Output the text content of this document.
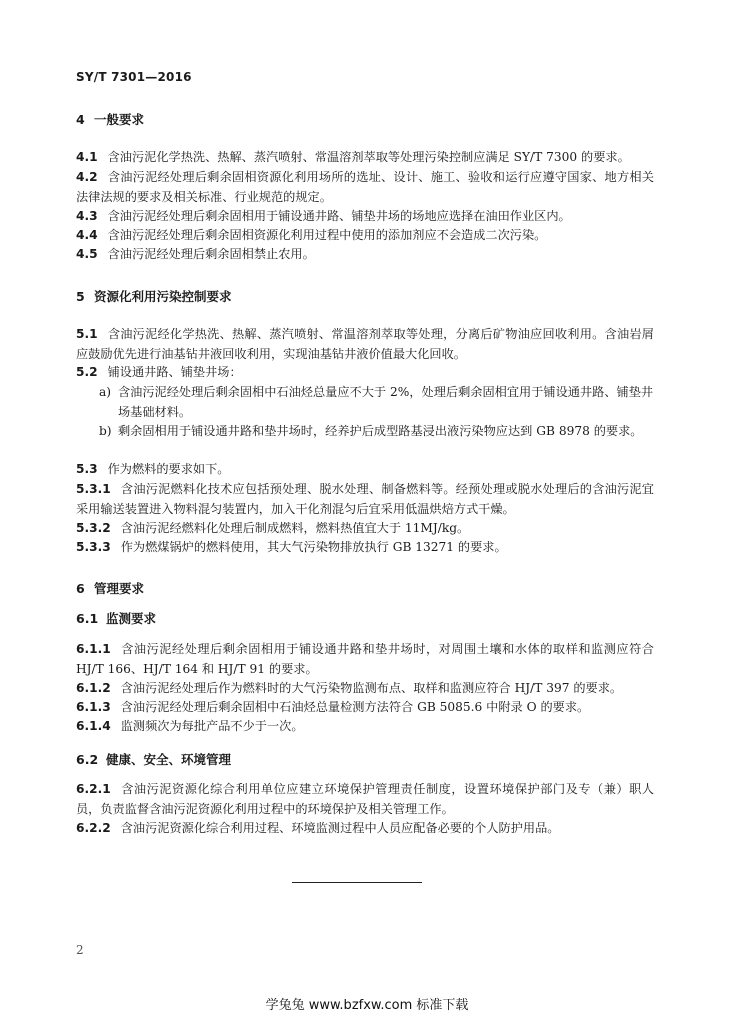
SY/T 7301—2016
4 一般要求
4.1 含油污泥化学热洗、热解、蒸汽喷射、常温溶剂萃取等处理污染控制应满足 SY/T 7300 的要求。
4.2 含油污泥经处理后剩余固相资源化利用场所的选址、设计、施工、验收和运行应遵守国家、地方相关法律法规的要求及相关标准、行业规范的规定。
4.3 含油污泥经处理后剩余固相用于铺设通井路、铺垫井场的场地应选择在油田作业区内。
4.4 含油污泥经处理后剩余固相资源化利用过程中使用的添加剂应不会造成二次污染。
4.5 含油污泥经处理后剩余固相禁止农用。
5 资源化利用污染控制要求
5.1 含油污泥经化学热洗、热解、蒸汽喷射、常温溶剂萃取等处理，分离后矿物油应回收利用。含油岩屑应鼓励优先进行油基钻井液回收利用，实现油基钻井液价值最大化回收。
5.2 铺设通井路、铺垫井场：
a) 含油污泥经处理后剩余固相中石油烃总量应不大于 2%，处理后剩余固相宜用于铺设通井路、铺垫井场基础材料。
b) 剩余固相用于铺设通井路和垫井场时，经养护后成型路基浸出液污染物应达到 GB 8978 的要求。
5.3 作为燃料的要求如下。
5.3.1 含油污泥燃料化技术应包括预处理、脱水处理、制备燃料等。经预处理或脱水处理后的含油污泥宜采用输送装置进入物料混匀装置内，加入干化剂混匀后宜采用低温烘焙方式干燥。
5.3.2 含油污泥经燃料化处理后制成燃料，燃料热值宜大于 11MJ/kg。
5.3.3 作为燃煤锅炉的燃料使用，其大气污染物排放执行 GB 13271 的要求。
6 管理要求
6.1 监测要求
6.1.1 含油污泥经处理后剩余固相用于铺设通井路和垫井场时，对周围土壤和水体的取样和监测应符合 HJ/T 166、HJ/T 164 和 HJ/T 91 的要求。
6.1.2 含油污泥经处理后作为燃料时的大气污染物监测布点、取样和监测应符合 HJ/T 397 的要求。
6.1.3 含油污泥经处理后剩余固相中石油烃总量检测方法符合 GB 5085.6 中附录 O 的要求。
6.1.4 监测频次为每批产品不少于一次。
6.2 健康、安全、环境管理
6.2.1 含油污泥资源化综合利用单位应建立环境保护管理责任制度，设置环境保护部门及专（兼）职人员，负责监督含油污泥资源化利用过程中的环境保护及相关管理工作。
6.2.2 含油污泥资源化综合利用过程、环境监测过程中人员应配备必要的个人防护用品。
2
学兔兔 www.bzfxw.com 标准下载
